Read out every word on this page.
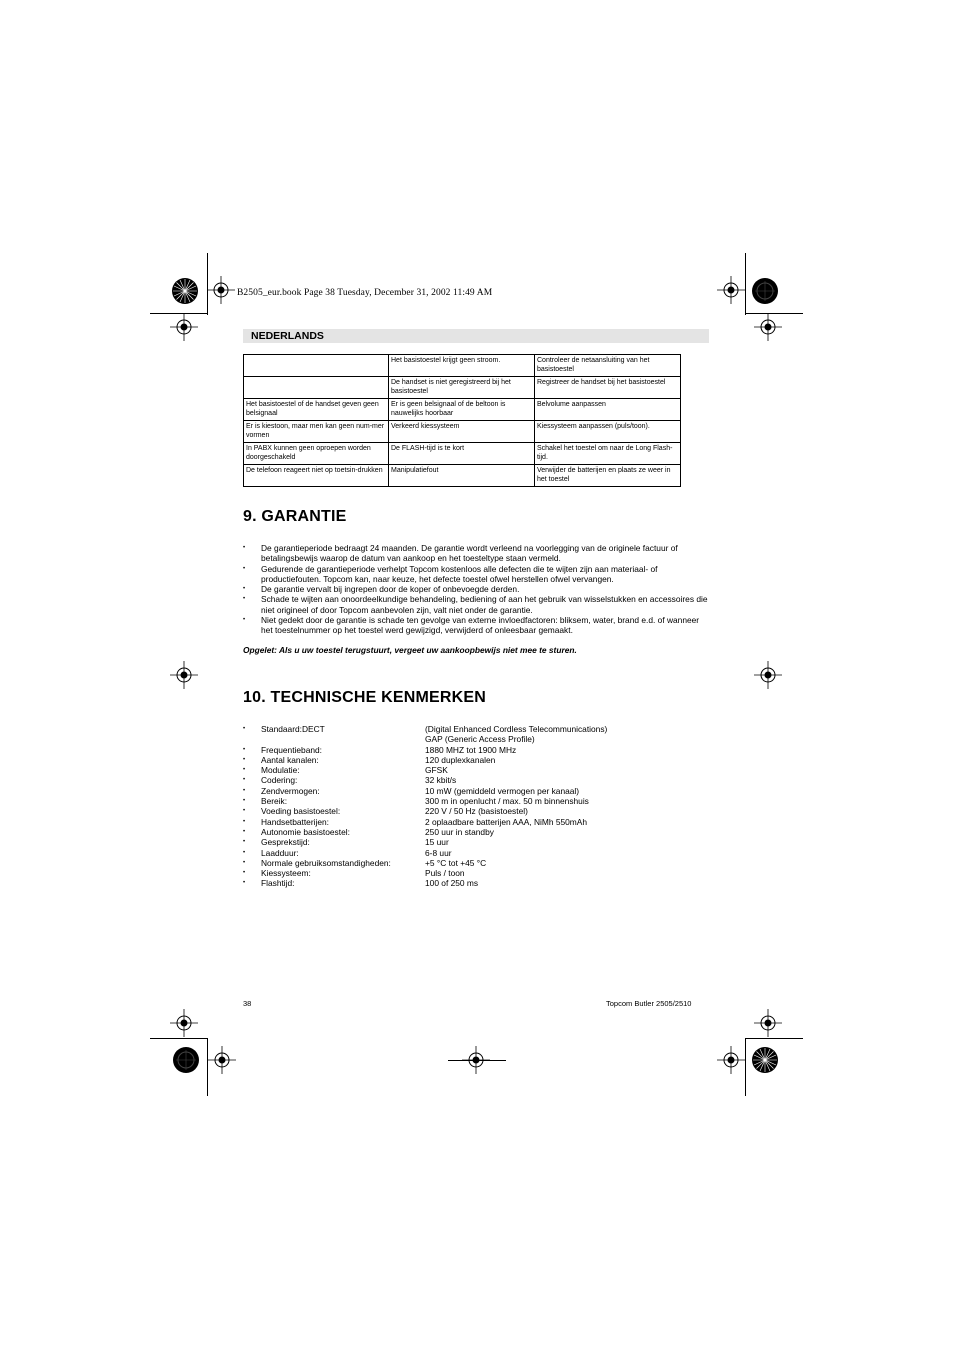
B2505_eur.book Page 38 Tuesday, December 31, 2002 11:49 AM
NEDERLANDS
	Het basistoestel krijgt geen stroom.	Controleer de netaansluiting van het basistoestel
	De handset is niet geregistreerd bij het basistoestel	Registreer de handset bij het basistoestel
Het basistoestel of de handset geven geen belsignaal	Er is geen belsignaal of de beltoon is nauwelijks hoorbaar	Belvolume aanpassen
Er is kiestoon, maar men kan geen num-mer vormen	Verkeerd kiessysteem	Kiessysteem aanpassen (puls/toon).
In PABX kunnen geen oproepen worden doorgeschakeld	De FLASH-tijd is te kort	Schakel het toestel om naar de Long Flash-tijd.
De telefoon reageert niet op toetsin-drukken	Manipulatiefout	Verwijder de batterijen en plaats ze weer in het toestel
9. GARANTIE
• De garantieperiode bedraagt 24 maanden. De garantie wordt verleend na voorlegging van de originele factuur of betalingsbewijs waarop de datum van aankoop en het toesteltype staan vermeld.
• Gedurende de garantieperiode verhelpt Topcom kostenloos alle defecten die te wijten zijn aan materiaal- of productiefouten. Topcom kan, naar keuze, het defecte toestel ofwel herstellen ofwel vervangen.
• De garantie vervalt bij ingrepen door de koper of onbevoegde derden.
• Schade te wijten aan onoordeelkundige behandeling, bediening of aan het gebruik van wisselstukken en accessoires die niet origineel of door Topcom aanbevolen zijn, valt niet onder de garantie.
• Niet gedekt door de garantie is schade ten gevolge van externe invloedfactoren: bliksem, water, brand e.d. of wanneer het toestelnummer op het toestel werd gewijzigd, verwijderd of onleesbaar gemaakt.
Opgelet: Als u uw toestel terugstuurt, vergeet uw aankoopbewijs niet mee te sturen.
10. TECHNISCHE KENMERKEN
•	Standaard:DECT	(Digital Enhanced Cordless Telecommunications)
GAP (Generic Access Profile)
•	Frequentieband:	1880 MHZ tot 1900 MHz
•	Aantal kanalen:	120 duplexkanalen
•	Modulatie:	GFSK
•	Codering:	32 kbit/s
•	Zendvermogen:	10 mW (gemiddeld vermogen per kanaal)
•	Bereik:	300 m in openlucht / max. 50 m binnenshuis
•	Voeding basistoestel:	220 V / 50 Hz (basistoestel)
•	Handsetbatterijen:	2 oplaadbare batterijen AAA, NiMh 550mAh
•	Autonomie basistoestel:	250 uur in standby
•	Gesprekstijd:	15 uur
•	Laadduur:	6-8 uur
•	Normale gebruiksomstandigheden:	+5 °C tot +45 °C
•	Kiessysteem:	Puls / toon
•	Flashtijd:	100 of 250 ms
38	Topcom Butler 2505/2510
